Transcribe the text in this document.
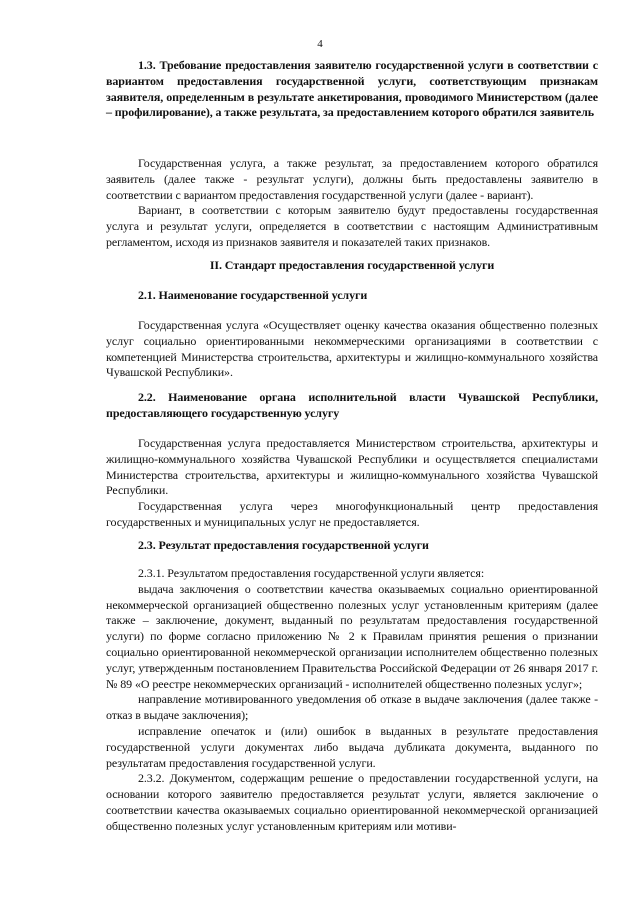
4
1.3. Требование предоставления заявителю государственной услуги в соответствии с вариантом предоставления государственной услуги, соответствующим признакам заявителя, определенным в результате анкетирования, проводимого Министерством (далее – профилирование), а также результата, за предоставлением которого обратился заявитель

Государственная услуга, а также результат, за предоставлением которого обратился заявитель (далее также - результат услуги), должны быть предоставлены заявителю в соответствии с вариантом предоставления государственной услуги (далее - вариант).

Вариант, в соответствии с которым заявителю будут предоставлены государственная услуга и результат услуги, определяется в соответствии с настоящим Административным регламентом, исходя из признаков заявителя и показателей таких признаков.

II. Стандарт предоставления государственной услуги

2.1. Наименование государственной услуги

Государственная услуга «Осуществляет оценку качества оказания общественно полезных услуг социально ориентированными некоммерческими организациями в соответствии с компетенцией Министерства строительства, архитектуры и жилищно-коммунального хозяйства Чувашской Республики».

2.2. Наименование органа исполнительной власти Чувашской Республики, предоставляющего государственную услугу

Государственная услуга предоставляется Министерством строительства, архитектуры и жилищно-коммунального хозяйства Чувашской Республики и осуществляется специалистами Министерства строительства, архитектуры и жилищно-коммунального хозяйства Чувашской Республики.

Государственная услуга через многофункциональный центр предоставления государственных и муниципальных услуг не предоставляется.

2.3. Результат предоставления государственной услуги

2.3.1. Результатом предоставления государственной услуги является:

выдача заключения о соответствии качества оказываемых социально ориентированной некоммерческой организацией общественно полезных услуг установленным критериям (далее также – заключение, документ, выданный по результатам предоставления государственной услуги) по форме согласно приложению № 2 к Правилам принятия решения о признании социально ориентированной некоммерческой организации исполнителем общественно полезных услуг, утвержденным постановлением Правительства Российской Федерации от 26 января 2017 г. № 89 «О реестре некоммерческих организаций - исполнителей общественно полезных услуг»;

направление мотивированного уведомления об отказе в выдаче заключения (далее также - отказ в выдаче заключения);

исправление опечаток и (или) ошибок в выданных в результате предоставления государственной услуги документах либо выдача дубликата документа, выданного по результатам предоставления государственной услуги.

2.3.2. Документом, содержащим решение о предоставлении государственной услуги, на основании которого заявителю предоставляется результат услуги, является заключение о соответствии качества оказываемых социально ориентированной некоммерческой организацией общественно полезных услуг установленным критериям или мотиви-
